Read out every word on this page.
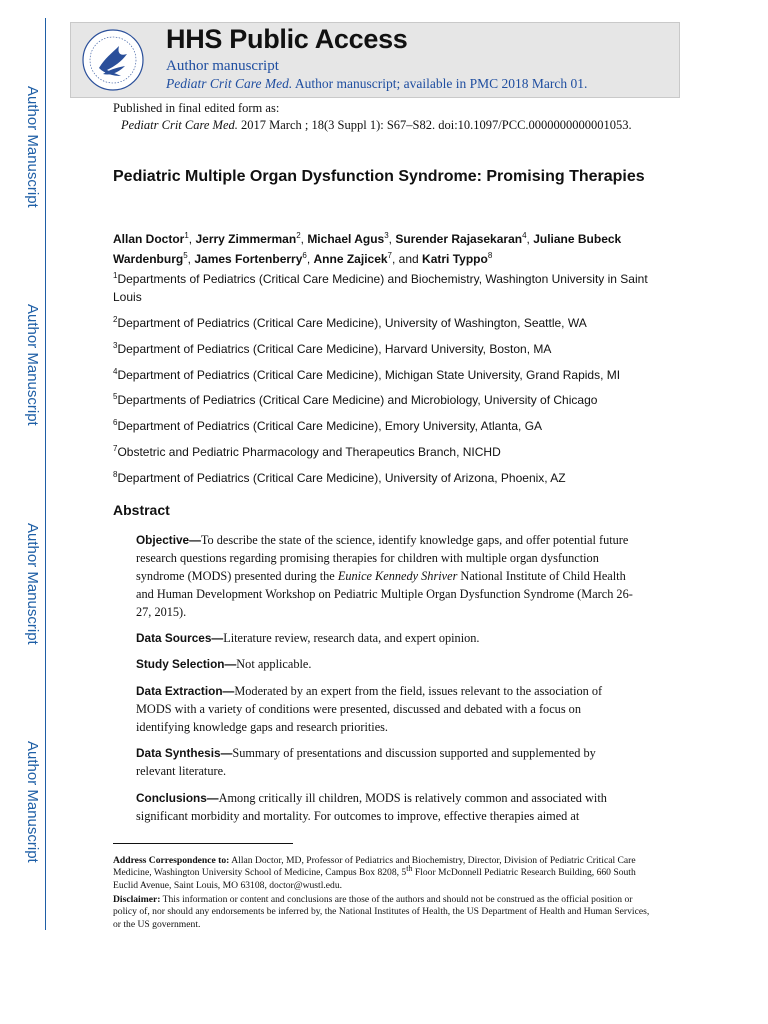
Author Manuscript
Author Manuscript
Author Manuscript
Author Manuscript
HHS Public Access
Author manuscript
Pediatr Crit Care Med. Author manuscript; available in PMC 2018 March 01.
Published in final edited form as:
Pediatr Crit Care Med. 2017 March ; 18(3 Suppl 1): S67–S82. doi:10.1097/PCC.0000000000001053.
Pediatric Multiple Organ Dysfunction Syndrome: Promising Therapies
Allan Doctor$^1$, Jerry Zimmerman$^2$, Michael Agus$^3$, Surender Rajasekaran$^4$, Juliane Bubeck Wardenburg$^5$, James Fortenberry$^6$, Anne Zajicek$^7$, and Katri Typpo$^8$
$^1$Departments of Pediatrics (Critical Care Medicine) and Biochemistry, Washington University in Saint Louis
$^2$Department of Pediatrics (Critical Care Medicine), University of Washington, Seattle, WA
$^3$Department of Pediatrics (Critical Care Medicine), Harvard University, Boston, MA
$^4$Department of Pediatrics (Critical Care Medicine), Michigan State University, Grand Rapids, MI
$^5$Departments of Pediatrics (Critical Care Medicine) and Microbiology, University of Chicago
$^6$Department of Pediatrics (Critical Care Medicine), Emory University, Atlanta, GA
$^7$Obstetric and Pediatric Pharmacology and Therapeutics Branch, NICHD
$^8$Department of Pediatrics (Critical Care Medicine), University of Arizona, Phoenix, AZ
Abstract
Objective—To describe the state of the science, identify knowledge gaps, and offer potential future research questions regarding promising therapies for children with multiple organ dysfunction syndrome (MODS) presented during the Eunice Kennedy Shriver National Institute of Child Health and Human Development Workshop on Pediatric Multiple Organ Dysfunction Syndrome (March 26-27, 2015).
Data Sources—Literature review, research data, and expert opinion.
Study Selection—Not applicable.
Data Extraction—Moderated by an expert from the field, issues relevant to the association of MODS with a variety of conditions were presented, discussed and debated with a focus on identifying knowledge gaps and research priorities.
Data Synthesis—Summary of presentations and discussion supported and supplemented by relevant literature.
Conclusions—Among critically ill children, MODS is relatively common and associated with significant morbidity and mortality. For outcomes to improve, effective therapies aimed at
Address Correspondence to: Allan Doctor, MD, Professor of Pediatrics and Biochemistry, Director, Division of Pediatric Critical Care Medicine, Washington University School of Medicine, Campus Box 8208, 5th Floor McDonnell Pediatric Research Building, 660 South Euclid Avenue, Saint Louis, MO 63108, doctor@wustl.edu.
Disclaimer: This information or content and conclusions are those of the authors and should not be construed as the official position or policy of, nor should any endorsements be inferred by, the National Institutes of Health, the US Department of Health and Human Services, or the US government.
